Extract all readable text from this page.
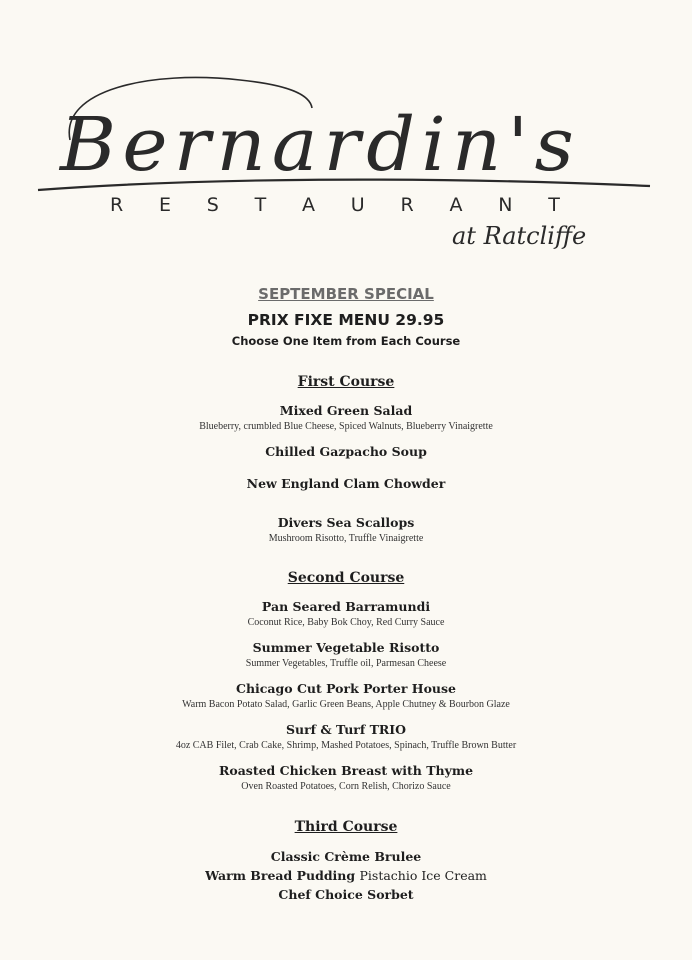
Bernardin's
R E S T A U R A N T
at Ratcliffe
SEPTEMBER SPECIAL
PRIX FIXE MENU 29.95
Choose One Item from Each Course
First Course
Mixed Green Salad
Blueberry, crumbled Blue Cheese, Spiced Walnuts, Blueberry Vinaigrette
Chilled Gazpacho Soup
New England Clam Chowder
Divers Sea Scallops
Mushroom Risotto, Truffle Vinaigrette
Second Course
Pan Seared Barramundi
Coconut Rice, Baby Bok Choy, Red Curry Sauce
Summer Vegetable Risotto
Summer Vegetables, Truffle oil, Parmesan Cheese
Chicago Cut Pork Porter House
Warm Bacon Potato Salad, Garlic Green Beans, Apple Chutney & Bourbon Glaze
Surf & Turf TRIO
4oz CAB Filet, Crab Cake, Shrimp, Mashed Potatoes, Spinach, Truffle Brown Butter
Roasted Chicken Breast with Thyme
Oven Roasted Potatoes, Corn Relish, Chorizo Sauce
Third Course
Classic Crème Brulee
Warm Bread Pudding Pistachio Ice Cream
Chef Choice Sorbet
